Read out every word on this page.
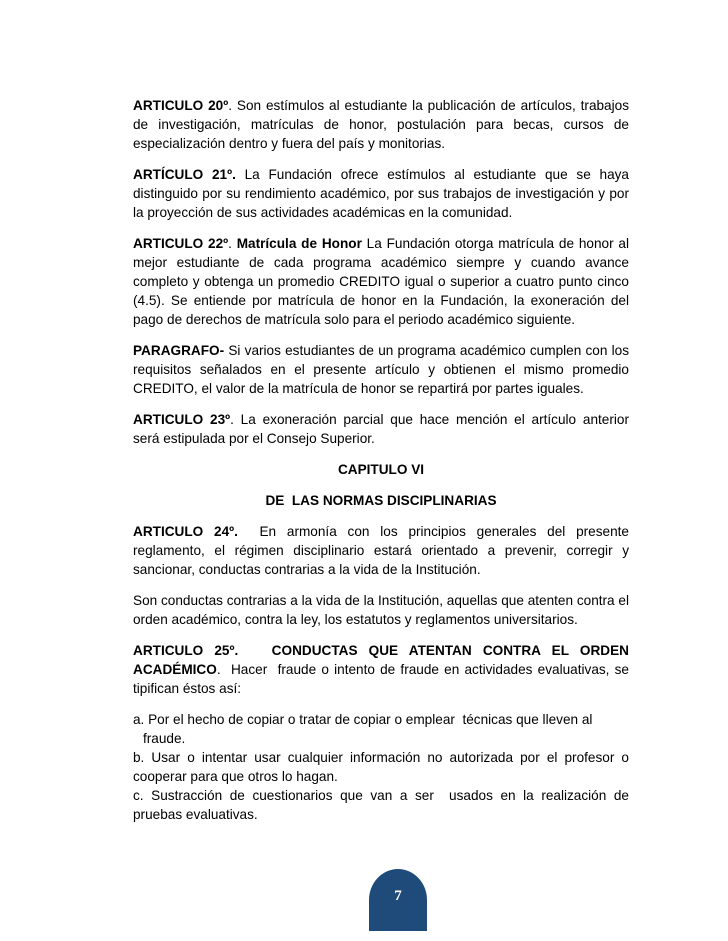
ARTICULO 20º. Son estímulos al estudiante la publicación de artículos, trabajos de investigación, matrículas de honor, postulación para becas, cursos de especialización dentro y fuera del país y monitorias.

ARTÍCULO 21º. La Fundación ofrece estímulos al estudiante que se haya distinguido por su rendimiento académico, por sus trabajos de investigación y por la proyección de sus actividades académicas en la comunidad.

ARTICULO 22º. Matrícula de Honor La Fundación otorga matrícula de honor al mejor estudiante de cada programa académico siempre y cuando avance completo y obtenga un promedio CREDITO igual o superior a cuatro punto cinco (4.5). Se entiende por matrícula de honor en la Fundación, la exoneración del pago de derechos de matrícula solo para el periodo académico siguiente.

PARAGRAFO- Si varios estudiantes de un programa académico cumplen con los requisitos señalados en el presente artículo y obtienen el mismo promedio CREDITO, el valor de la matrícula de honor se repartirá por partes iguales.

ARTICULO 23º. La exoneración parcial que hace mención el artículo anterior será estipulada por el Consejo Superior.

CAPITULO VI

DE  LAS NORMAS DISCIPLINARIAS

ARTICULO 24º.  En armonía con los principios generales del presente reglamento, el régimen disciplinario estará orientado a prevenir, corregir y sancionar, conductas contrarias a la vida de la Institución.

Son conductas contrarias a la vida de la Institución, aquellas que atenten contra el orden académico, contra la ley, los estatutos y reglamentos universitarios.

ARTICULO 25º.   CONDUCTAS QUE ATENTAN CONTRA EL ORDEN ACADÉMICO.  Hacer  fraude o intento de fraude en actividades evaluativas, se tipifican éstos así:

a. Por el hecho de copiar o tratar de copiar o emplear  técnicas que lleven al

fraude.

b. Usar o intentar usar cualquier información no autorizada por el profesor o cooperar para que otros lo hagan.

c. Sustracción de cuestionarios que van a ser  usados en la realización de pruebas evaluativas.

7
